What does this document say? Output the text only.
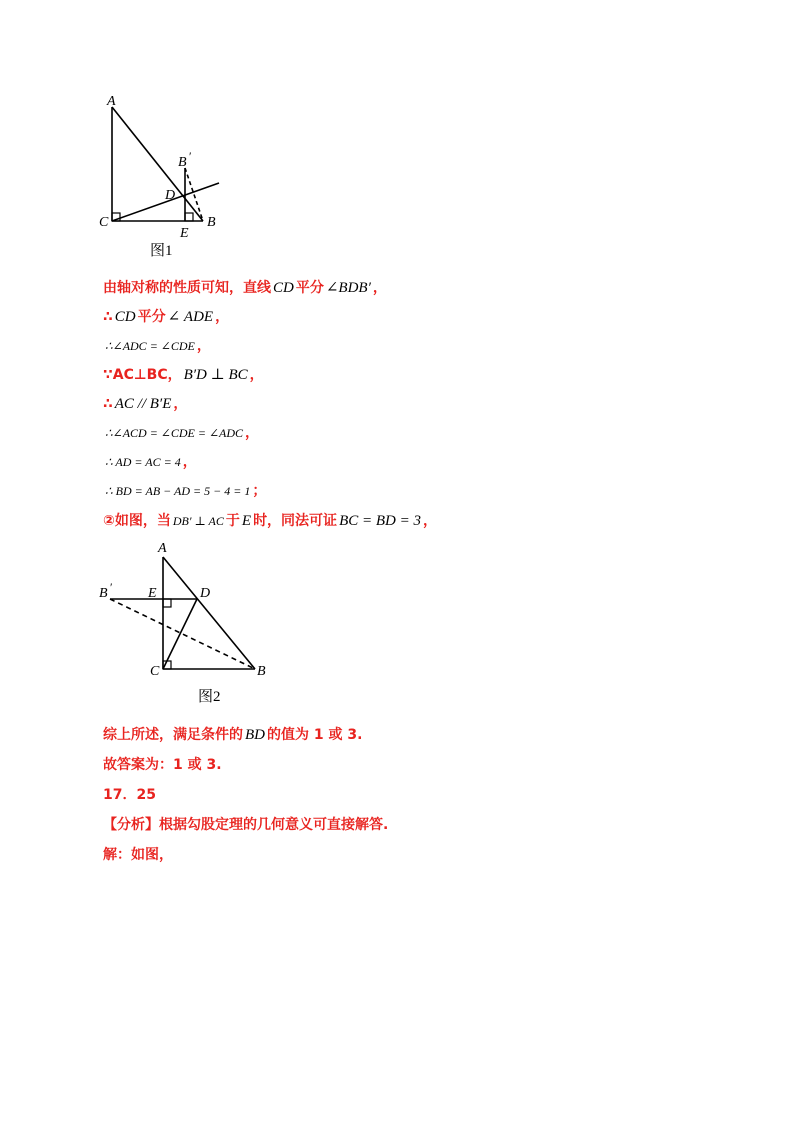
A
B ′
D
C
E
B
图1
由轴对称的性质可知，直线 CD 平分 ∠BDB′ ，
∴ CD 平分 ∠ ADE ，
∴∠ADC = ∠CDE ，
∵AC⊥BC， B′D ⊥ BC ，
∴ AC // B′E ，
∴∠ACD = ∠CDE = ∠ADC ，
∴ AD = AC = 4 ，
∴ BD = AB − AD = 5 − 4 = 1 ；
②如图，当 DB′ ⊥ AC 于 E 时，同法可证 BC = BD = 3 ，
A
B ′	E	D
C	B
图2
综上所述，满足条件的 BD 的值为 1 或 3.
故答案为：1 或 3.
17．25
【分析】根据勾股定理的几何意义可直接解答.
解：如图，
